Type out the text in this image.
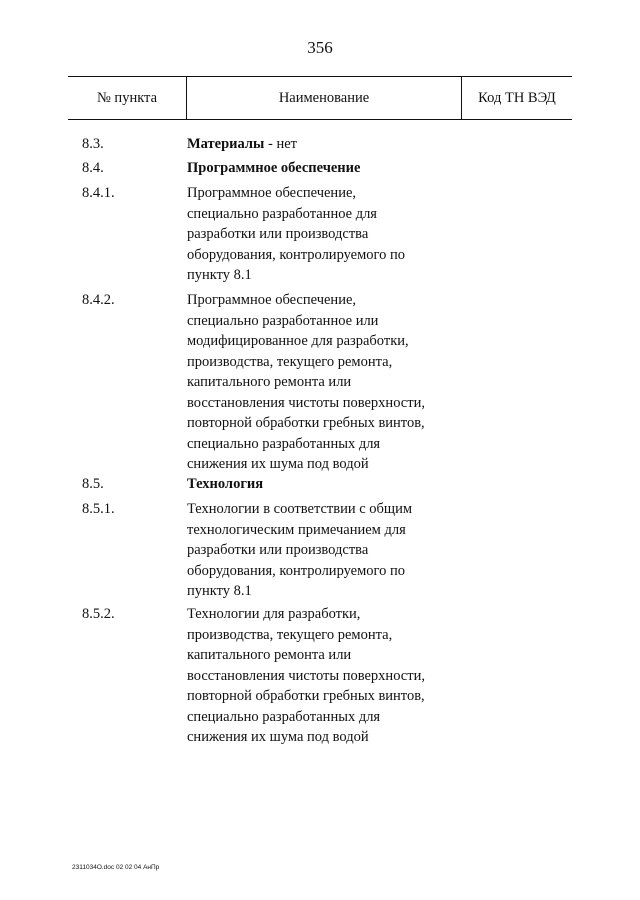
356
№ пункта	Наименование	Код ТН ВЭД
8.3.	Материалы - нет
8.4.	Программное обеспечение
8.4.1.	Программное обеспечение,
специально разработанное для
разработки или производства
оборудования, контролируемого по
пункту 8.1
8.4.2.	Программное обеспечение,
специально разработанное или
модифицированное для разработки,
производства, текущего ремонта,
капитального ремонта или
восстановления чистоты поверхности,
повторной обработки гребных винтов,
специально разработанных для
снижения их шума под водой
8.5.	Технология
8.5.1.	Технологии в соответствии с общим
технологическим примечанием для
разработки или производства
оборудования, контролируемого по
пункту 8.1
8.5.2.	Технологии для разработки,
производства, текущего ремонта,
капитального ремонта или
восстановления чистоты поверхности,
повторной обработки гребных винтов,
специально разработанных для
снижения их шума под водой
2311034О.doc 02 02 04 АнПр
